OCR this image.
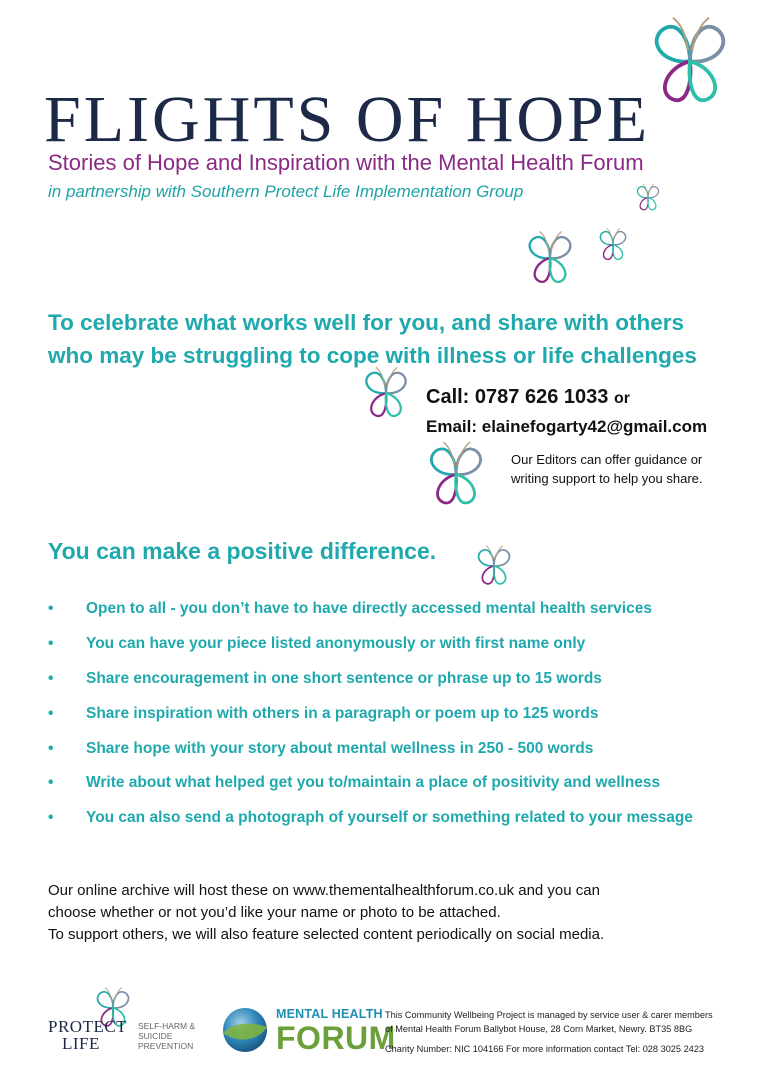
FLIGHTS OF HOPE
Stories of Hope and Inspiration with the Mental Health Forum
in partnership with Southern Protect Life Implementation Group
To celebrate what works well for you, and share with others
who may be struggling to cope with illness or life challenges
Call: 0787 626 1033 or
Email: elainefogarty42@gmail.com
Our Editors can offer guidance or writing support to help you share.
You can make a positive difference.
• Open to all - you don’t have to have directly accessed mental health services
• You can have your piece listed anonymously or with first name only
• Share encouragement in one short sentence or phrase up to 15 words
• Share inspiration with others in a paragraph or poem up to 125 words
• Share hope with your story about mental wellness in 250 - 500 words
• Write about what helped get you to/maintain a place of positivity and wellness
• You can also send a photograph of yourself or something related to your message
Our online archive will host these on www.thementalhealthforum.co.uk and you can
choose whether or not you’d like your name or photo to be attached.
To support others, we will also feature selected content periodically on social media.
PROTECT
LIFE
SELF-HARM & SUICIDE PREVENTION
MENTAL HEALTH
FORUM
This Community Wellbeing Project is managed by service user & carer members
of Mental Health Forum Ballybot House, 28 Corn Market, Newry. BT35 8BG
Charity Number: NIC 104166 For more information contact Tel: 028 3025 2423
